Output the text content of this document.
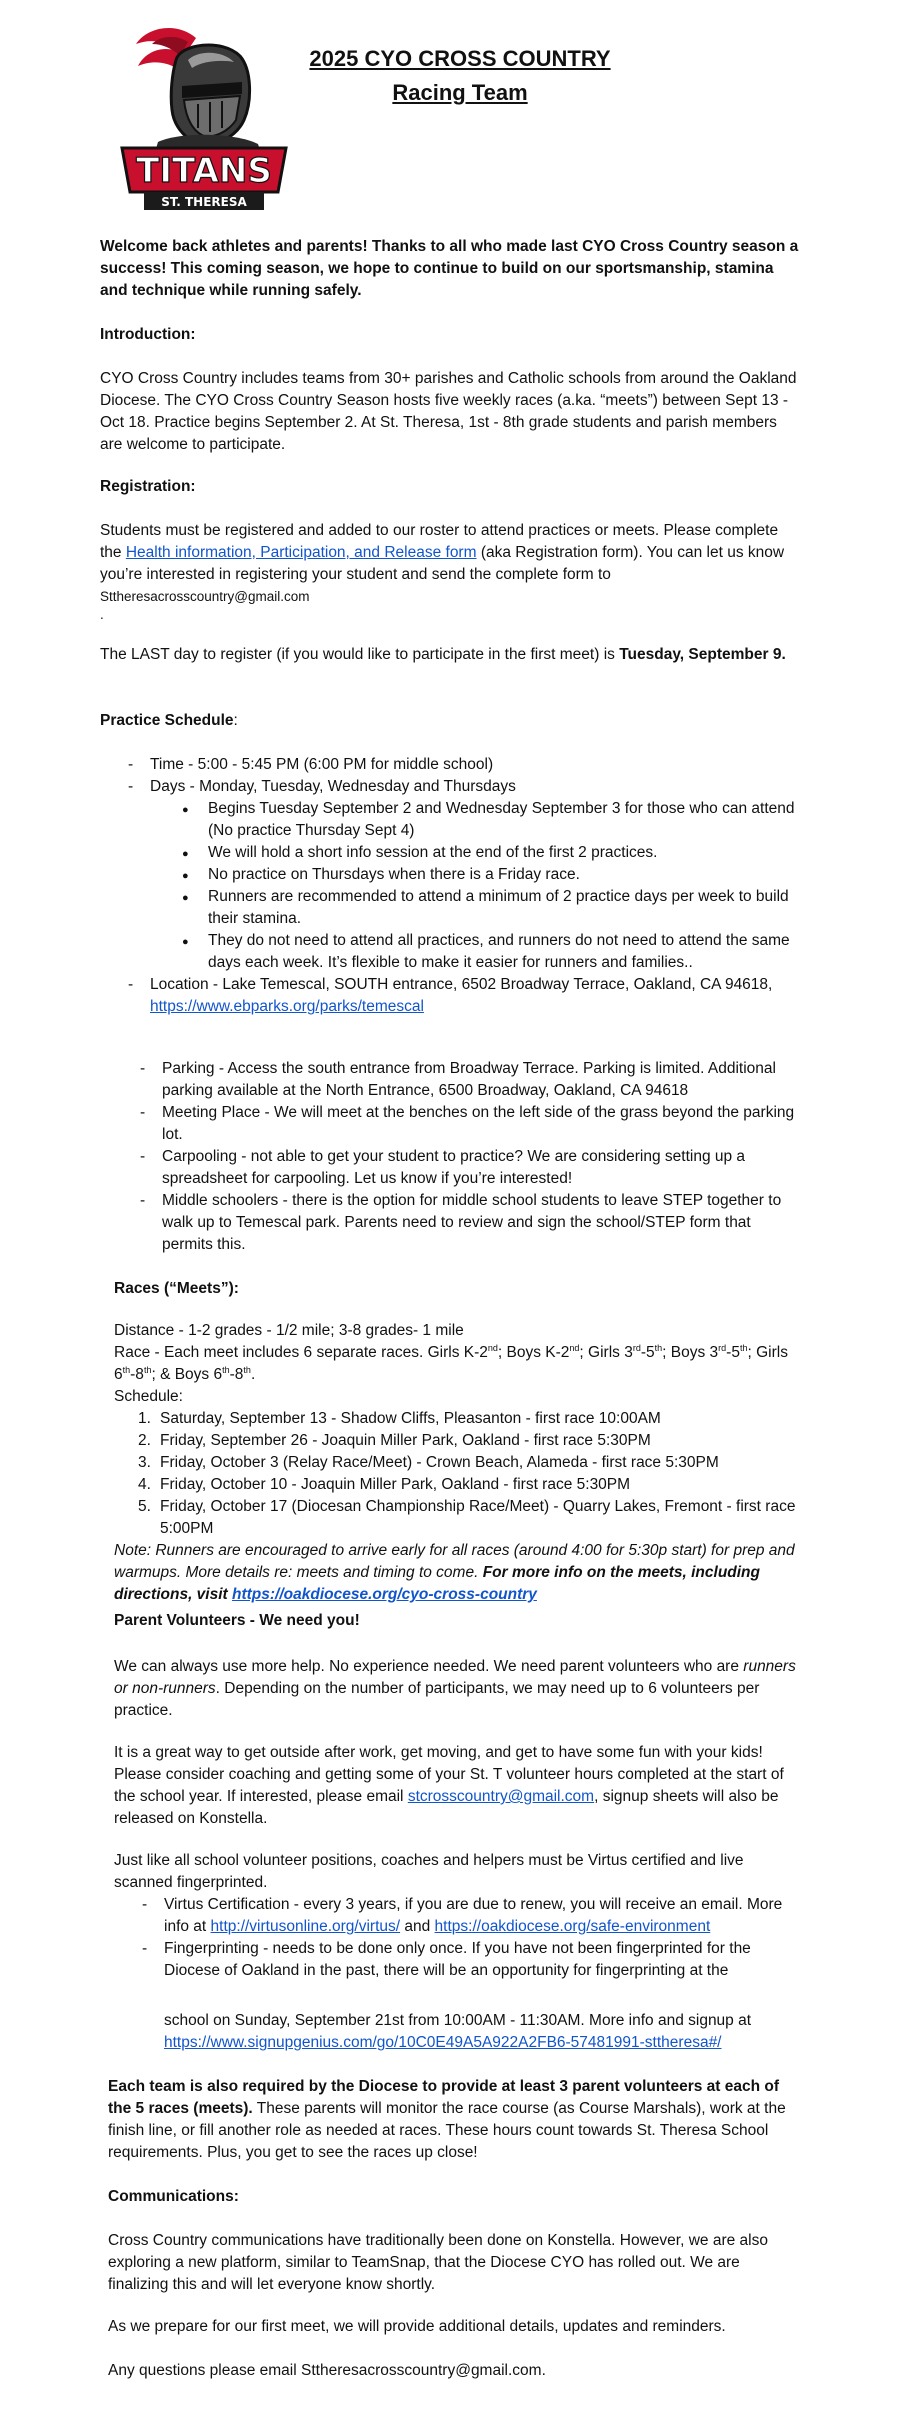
TITANS
ST. THERESA
2025 CYO CROSS COUNTRY
Racing Team
Welcome back athletes and parents! Thanks to all who made last CYO Cross Country season a success! This coming season, we hope to continue to build on our sportsmanship, stamina and technique while running safely.
Introduction:
CYO Cross Country includes teams from 30+ parishes and Catholic schools from around the Oakland Diocese. The CYO Cross Country Season hosts five weekly races (a.ka. “meets”) between Sept 13 - Oct 18. Practice begins September 2. At St. Theresa, 1st - 8th grade students and parish members are welcome to participate.
Registration:
Students must be registered and added to our roster to attend practices or meets. Please complete the Health information, Participation, and Release form (aka Registration form). You can let us know you’re interested in registering your student and send the complete form to
Sttheresacrosscountry@gmail.com
.
The LAST day to register (if you would like to participate in the first meet) is Tuesday, September 9.
Practice Schedule:
- Time - 5:00 - 5:45 PM (6:00 PM for middle school)
- Days - Monday, Tuesday, Wednesday and Thursdays
● Begins Tuesday September 2 and Wednesday September 3 for those who can attend (No practice Thursday Sept 4)
● We will hold a short info session at the end of the first 2 practices.
● No practice on Thursdays when there is a Friday race.
● Runners are recommended to attend a minimum of 2 practice days per week to build their stamina.
● They do not need to attend all practices, and runners do not need to attend the same days each week. It’s flexible to make it easier for runners and families..
- Location - Lake Temescal, SOUTH entrance, 6502 Broadway Terrace, Oakland, CA 94618, https://www.ebparks.org/parks/temescal
- Parking - Access the south entrance from Broadway Terrace. Parking is limited. Additional parking available at the North Entrance, 6500 Broadway, Oakland, CA 94618
- Meeting Place - We will meet at the benches on the left side of the grass beyond the parking lot.
- Carpooling - not able to get your student to practice? We are considering setting up a spreadsheet for carpooling. Let us know if you’re interested!
- Middle schoolers - there is the option for middle school students to leave STEP together to walk up to Temescal park. Parents need to review and sign the school/STEP form that permits this.
Races (“Meets”):
Distance - 1-2 grades - 1/2 mile; 3-8 grades- 1 mile
Race - Each meet includes 6 separate races. Girls K-2nd; Boys K-2nd; Girls 3rd-5th; Boys 3rd-5th; Girls 6th-8th; & Boys 6th-8th.
Schedule:
1. Saturday, September 13 - Shadow Cliffs, Pleasanton - first race 10:00AM
2. Friday, September 26 - Joaquin Miller Park, Oakland - first race 5:30PM
3. Friday, October 3 (Relay Race/Meet) - Crown Beach, Alameda - first race 5:30PM
4. Friday, October 10 - Joaquin Miller Park, Oakland - first race 5:30PM
5. Friday, October 17 (Diocesan Championship Race/Meet) - Quarry Lakes, Fremont - first race 5:00PM
Note: Runners are encouraged to arrive early for all races (around 4:00 for 5:30p start) for prep and warmups. More details re: meets and timing to come. For more info on the meets, including directions, visit https://oakdiocese.org/cyo-cross-country
Parent Volunteers - We need you!
We can always use more help. No experience needed. We need parent volunteers who are runners or non-runners. Depending on the number of participants, we may need up to 6 volunteers per practice.
It is a great way to get outside after work, get moving, and get to have some fun with your kids! Please consider coaching and getting some of your St. T volunteer hours completed at the start of the school year. If interested, please email stcrosscountry@gmail.com, signup sheets will also be released on Konstella.
Just like all school volunteer positions, coaches and helpers must be Virtus certified and live scanned fingerprinted.
- Virtus Certification - every 3 years, if you are due to renew, you will receive an email. More info at http://virtusonline.org/virtus/ and https://oakdiocese.org/safe-environment
- Fingerprinting - needs to be done only once. If you have not been fingerprinted for the Diocese of Oakland in the past, there will be an opportunity for fingerprinting at the
school on Sunday, September 21st from 10:00AM - 11:30AM. More info and signup at https://www.signupgenius.com/go/10C0E49A5A922A2FB6-57481991-sttheresa#/
Each team is also required by the Diocese to provide at least 3 parent volunteers at each of the 5 races (meets). These parents will monitor the race course (as Course Marshals), work at the finish line, or fill another role as needed at races. These hours count towards St. Theresa School requirements. Plus, you get to see the races up close!
Communications:
Cross Country communications have traditionally been done on Konstella. However, we are also exploring a new platform, similar to TeamSnap, that the Diocese CYO has rolled out. We are finalizing this and will let everyone know shortly.
As we prepare for our first meet, we will provide additional details, updates and reminders.
Any questions please email Sttheresacrosscountry@gmail.com.
